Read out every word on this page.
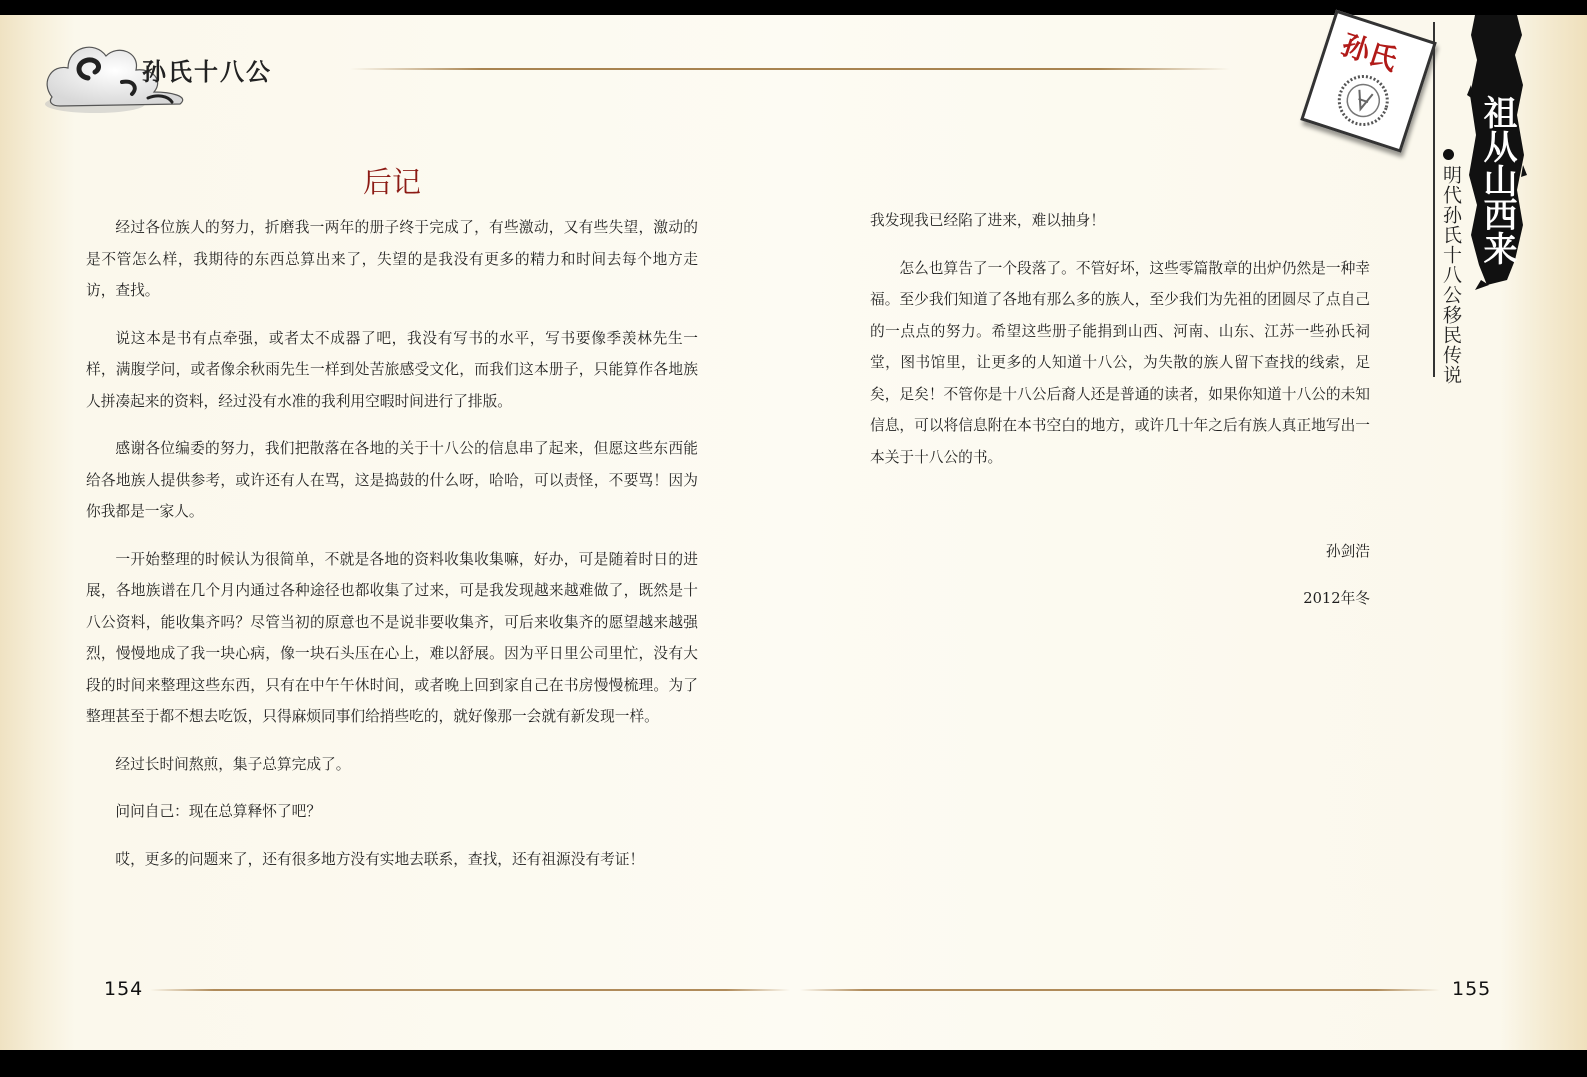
孙氏十八公	孙氏
祖从山西来
明代孙氏十八公移民传说
后记

经过各位族人的努力，折磨我一两年的册子终于完成了，有些激动，又有些失望，激动的是不管怎么样，我期待的东西总算出来了，失望的是我没有更多的精力和时间去每个地方走访，查找。

说这本是书有点牵强，或者太不成器了吧，我没有写书的水平，写书要像季羡林先生一样，满腹学问，或者像余秋雨先生一样到处苦旅感受文化，而我们这本册子，只能算作各地族人拼凑起来的资料，经过没有水准的我利用空暇时间进行了排版。

感谢各位编委的努力，我们把散落在各地的关于十八公的信息串了起来，但愿这些东西能给各地族人提供参考，或许还有人在骂，这是捣鼓的什么呀，哈哈，可以责怪，不要骂！因为你我都是一家人。

一开始整理的时候认为很简单，不就是各地的资料收集收集嘛，好办，可是随着时日的进展，各地族谱在几个月内通过各种途径也都收集了过来，可是我发现越来越难做了，既然是十八公资料，能收集齐吗？尽管当初的原意也不是说非要收集齐，可后来收集齐的愿望越来越强烈，慢慢地成了我一块心病，像一块石头压在心上，难以舒展。因为平日里公司里忙，没有大段的时间来整理这些东西，只有在中午午休时间，或者晚上回到家自己在书房慢慢梳理。为了整理甚至于都不想去吃饭，只得麻烦同事们给捎些吃的，就好像那一会就有新发现一样。

经过长时间熬煎，集子总算完成了。

问问自己：现在总算释怀了吧？

哎，更多的问题来了，还有很多地方没有实地去联系，查找，还有祖源没有考证！

我发现我已经陷了进来，难以抽身！

怎么也算告了一个段落了。不管好坏，这些零篇散章的出炉仍然是一种幸福。至少我们知道了各地有那么多的族人，至少我们为先祖的团圆尽了点自己的一点点的努力。希望这些册子能捐到山西、河南、山东、江苏一些孙氏祠堂，图书馆里，让更多的人知道十八公，为失散的族人留下查找的线索，足矣，足矣！不管你是十八公后裔人还是普通的读者，如果你知道十八公的未知信息，可以将信息附在本书空白的地方，或许几十年之后有族人真正地写出一本关于十八公的书。

孙剑浩
2012年冬
154	155
